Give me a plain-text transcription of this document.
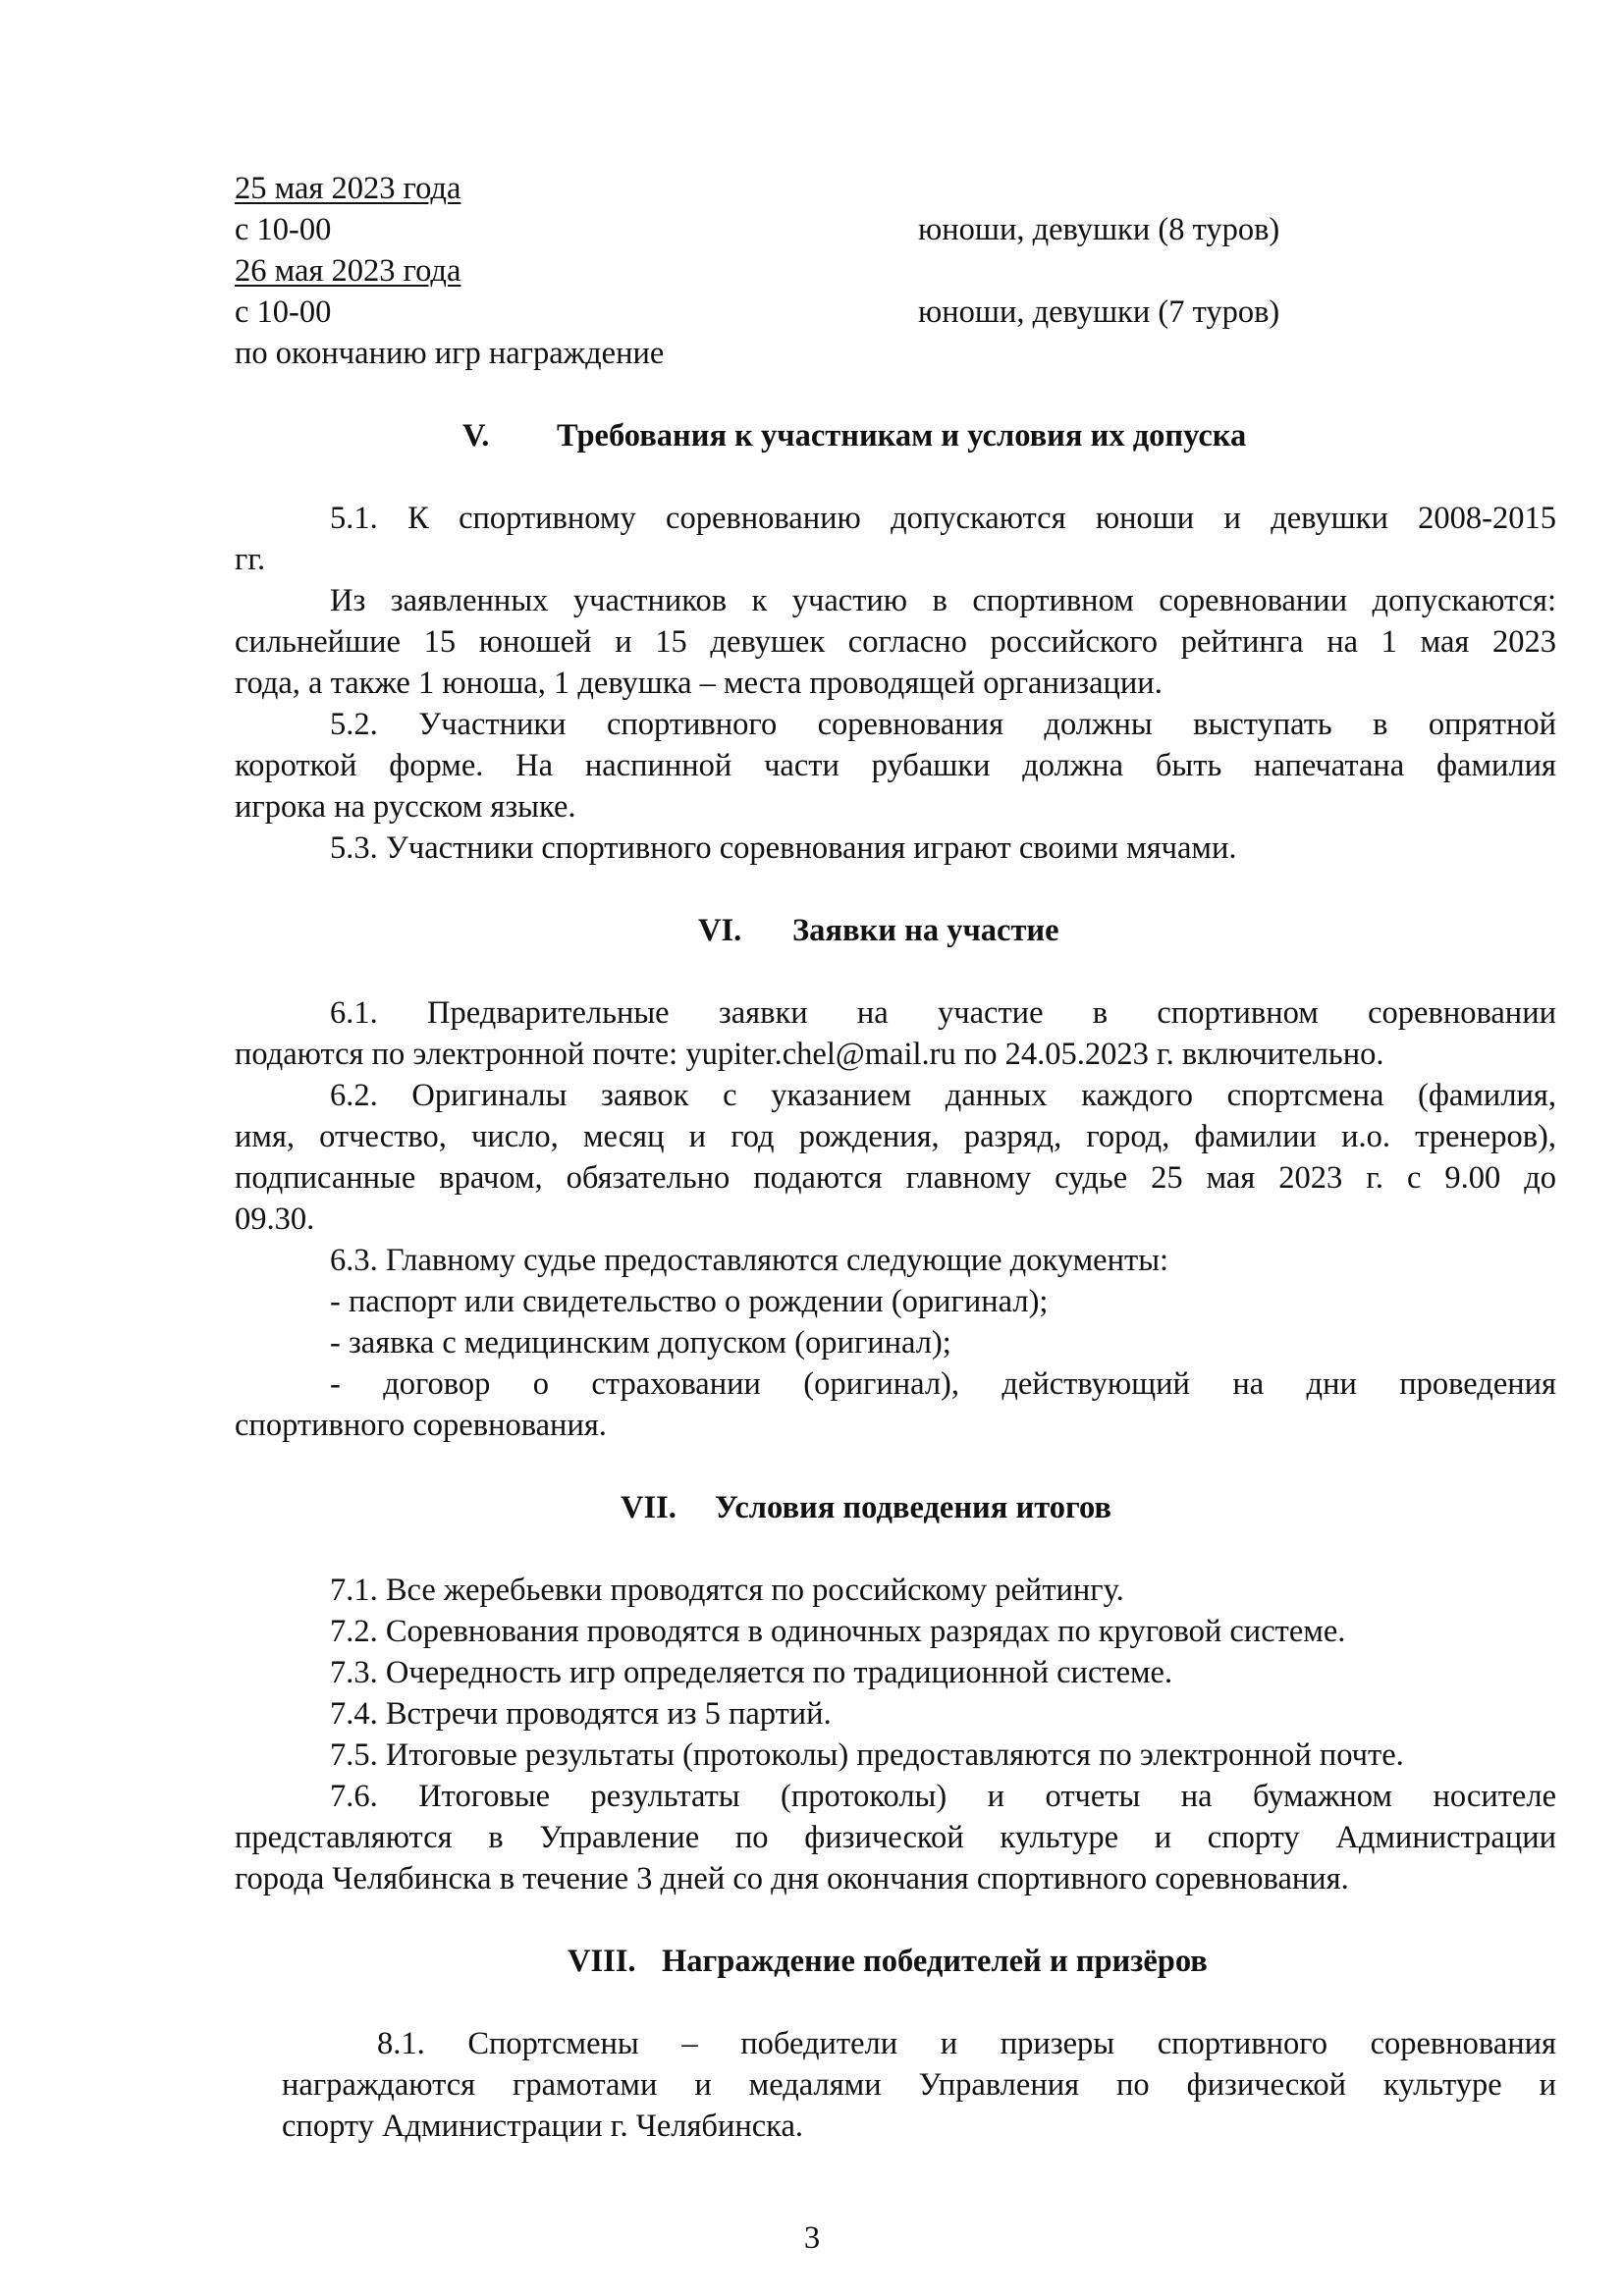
25 мая 2023 года
с 10-00	юноши, девушки (8 туров)
26 мая 2023 года
с 10-00	юноши, девушки (7 туров)
по окончанию игр награждение
V. Требования к участникам и условия их допуска
5.1. К спортивному соревнованию допускаются юноши и девушки 2008-2015
гг.
Из заявленных участников к участию в спортивном соревновании допускаются:
сильнейшие 15 юношей и 15 девушек согласно российского рейтинга на 1 мая 2023
года, а также 1 юноша, 1 девушка – места проводящей организации.
5.2. Участники спортивного соревнования должны выступать в опрятной
короткой форме. На наспинной части рубашки должна быть напечатана фамилия
игрока на русском языке.
5.3. Участники спортивного соревнования играют своими мячами.
VI. Заявки на участие
6.1. Предварительные заявки на участие в спортивном соревновании
подаются по электронной почте: yupiter.chel@mail.ru по 24.05.2023 г. включительно.
6.2. Оригиналы заявок с указанием данных каждого спортсмена (фамилия,
имя, отчество, число, месяц и год рождения, разряд, город, фамилии и.о. тренеров),
подписанные врачом, обязательно подаются главному судье 25 мая 2023 г. с 9.00 до
09.30.
6.3. Главному судье предоставляются следующие документы:
- паспорт или свидетельство о рождении (оригинал);
- заявка с медицинским допуском (оригинал);
- договор о страховании (оригинал), действующий на дни проведения
спортивного соревнования.
VII. Условия подведения итогов
7.1. Все жеребьевки проводятся по российскому рейтингу.
7.2. Соревнования проводятся в одиночных разрядах по круговой системе.
7.3. Очередность игр определяется по традиционной системе.
7.4. Встречи проводятся из 5 партий.
7.5. Итоговые результаты (протоколы) предоставляются по электронной почте.
7.6. Итоговые результаты (протоколы) и отчеты на бумажном носителе
представляются в Управление по физической культуре и спорту Администрации
города Челябинска в течение 3 дней со дня окончания спортивного соревнования.
VIII. Награждение победителей и призёров
8.1. Спортсмены – победители и призеры спортивного соревнования
награждаются грамотами и медалями Управления по физической культуре и
спорту Администрации г. Челябинска.
3
